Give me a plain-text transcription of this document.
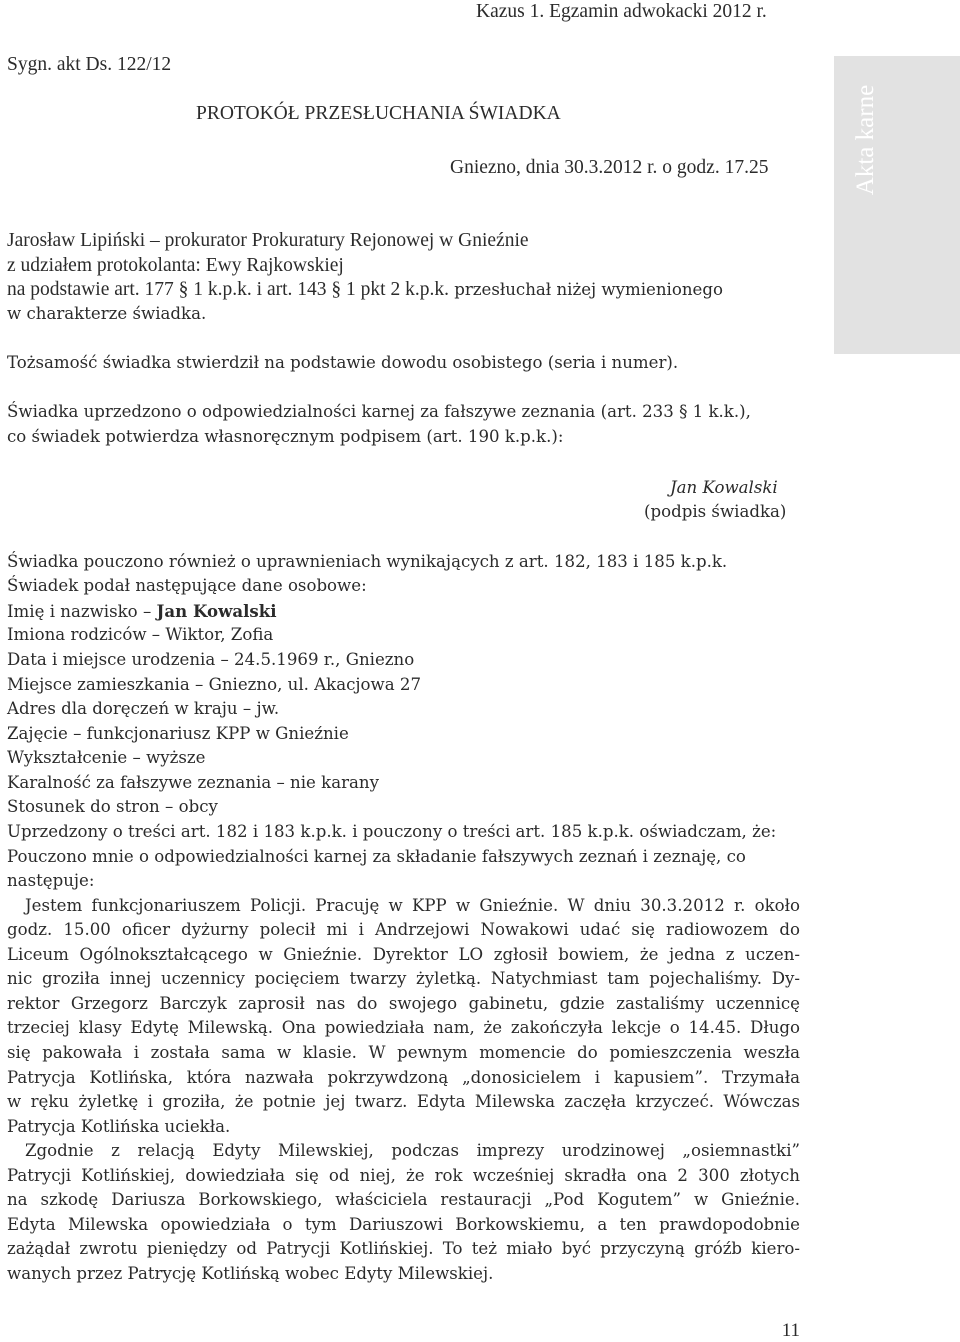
Kazus 1. Egzamin adwokacki 2012 r.
Sygn. akt Ds. 122/12
PROTOKÓŁ PRZESŁUCHANIA ŚWIADKA
Gniezno, dnia 30.3.2012 r. o godz. 17.25	Akta karne
Jarosław Lipiński – prokurator Prokuratury Rejonowej w Gnieźnie
z udziałem protokolanta: Ewy Rajkowskiej
na podstawie art. 177 § 1 k.p.k. i art. 143 § 1 pkt 2 k.p.k. przesłuchał niżej wymienionego
w charakterze świadka.
Tożsamość świadka stwierdził na podstawie dowodu osobistego (seria i numer).
Świadka uprzedzono o odpowiedzialności karnej za fałszywe zeznania (art. 233 § 1 k.k.),
co świadek potwierdza własnoręcznym podpisem (art. 190 k.p.k.):
Jan Kowalski
(podpis świadka)
Świadka pouczono również o uprawnieniach wynikających z art. 182, 183 i 185 k.p.k.
Świadek podał następujące dane osobowe:
Imię i nazwisko – Jan Kowalski
Imiona rodziców – Wiktor, Zofia
Data i miejsce urodzenia – 24.5.1969 r., Gniezno
Miejsce zamieszkania – Gniezno, ul. Akacjowa 27
Adres dla doręczeń w kraju – jw.
Zajęcie – funkcjonariusz KPP w Gnieźnie
Wykształcenie – wyższe
Karalność za fałszywe zeznania – nie karany
Stosunek do stron – obcy
Uprzedzony o treści art. 182 i 183 k.p.k. i pouczony o treści art. 185 k.p.k. oświadczam, że:
Pouczono mnie o odpowiedzialności karnej za składanie fałszywych zeznań i zeznaję, co
następuje:
Jestem funkcjonariuszem Policji. Pracuję w KPP w Gnieźnie. W dniu 30.3.2012 r. około
godz. 15.00 oficer dyżurny polecił mi i Andrzejowi Nowakowi udać się radiowozem do
Liceum Ogólnokształcącego w Gnieźnie. Dyrektor LO zgłosił bowiem, że jedna z uczen-
nic groziła innej uczennicy pocięciem twarzy żyletką. Natychmiast tam pojechaliśmy. Dy-
rektor Grzegorz Barczyk zaprosił nas do swojego gabinetu, gdzie zastaliśmy uczennicę
trzeciej klasy Edytę Milewską. Ona powiedziała nam, że zakończyła lekcje o 14.45. Długo
się pakowała i została sama w klasie. W pewnym momencie do pomieszczenia weszła
Patrycja Kotlińska, która nazwała pokrzywdzoną „donosicielem i kapusiem”. Trzymała
w ręku żyletkę i groziła, że potnie jej twarz. Edyta Milewska zaczęła krzyczeć. Wówczas
Patrycja Kotlińska uciekła.
Zgodnie z relacją Edyty Milewskiej, podczas imprezy urodzinowej „osiemnastki”
Patrycji Kotlińskiej, dowiedziała się od niej, że rok wcześniej skradła ona 2 300 złotych
na szkodę Dariusza Borkowskiego, właściciela restauracji „Pod Kogutem” w Gnieźnie.
Edyta Milewska opowiedziała o tym Dariuszowi Borkowskiemu, a ten prawdopodobnie
zażądał zwrotu pieniędzy od Patrycji Kotlińskiej. To też miało być przyczyną gróźb kiero-
wanych przez Patrycję Kotlińską wobec Edyty Milewskiej.
11
